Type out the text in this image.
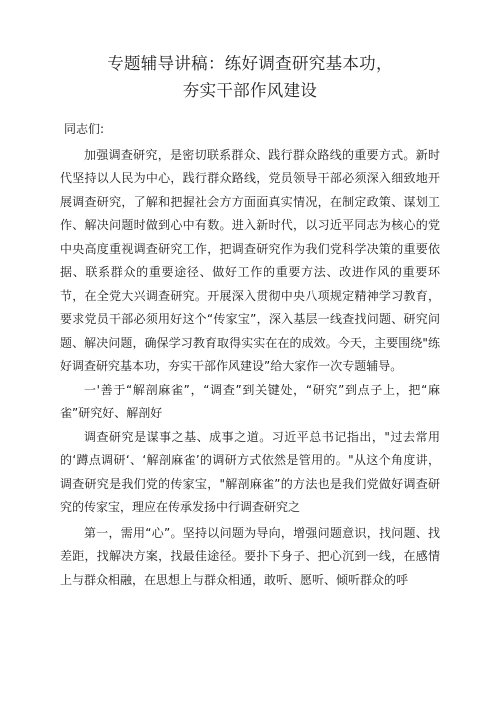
专题辅导讲稿：练好调查研究基本功，
夯实干部作风建设
同志们:

加强调查研究，是密切联系群众、践行群众路线的重要方式。新时代坚持以人民为中心，践行群众路线，党员领导干部必须深入细致地开展调查研究，了解和把握社会方方面面真实情况，在制定政策、谋划工作、解决问题时做到心中有数。进入新时代，以习近平同志为核心的党中央高度重视调查研究工作，把调查研究作为我们党科学决策的重要依据、联系群众的重要途径、做好工作的重要方法、改进作风的重要环节，在全党大兴调查研究。开展深入贯彻中央八项规定精神学习教育，要求党员干部必须用好这个“传家宝”，深入基层一线查找问题、研究问题、解决问题，确保学习教育取得实实在在的成效。今天，主要围绕"练好调查研究基本功，夯实干部作风建设”给大家作一次专题辅导。

一'善于“解剖麻雀”，“调查”到关键处，“研究”到点子上，把“麻雀”研究好、解剖好

调查研究是谋事之基、成事之道。习近平总书记指出，"过去常用的‘蹲点调研‘、‘解剖麻雀’的调研方式依然是管用的。"从这个角度讲，调查研究是我们党的传家宝，"解剖麻雀”的方法也是我们党做好调查研究的传家宝，理应在传承发扬中行调查研究之

第一，需用“心”。坚持以问题为导向，增强问题意识，找问题、找差距，找解决方案，找最佳途径。要扑下身子、把心沉到一线，在感情上与群众相融，在思想上与群众相通，敢听、愿听、倾听群众的呼
